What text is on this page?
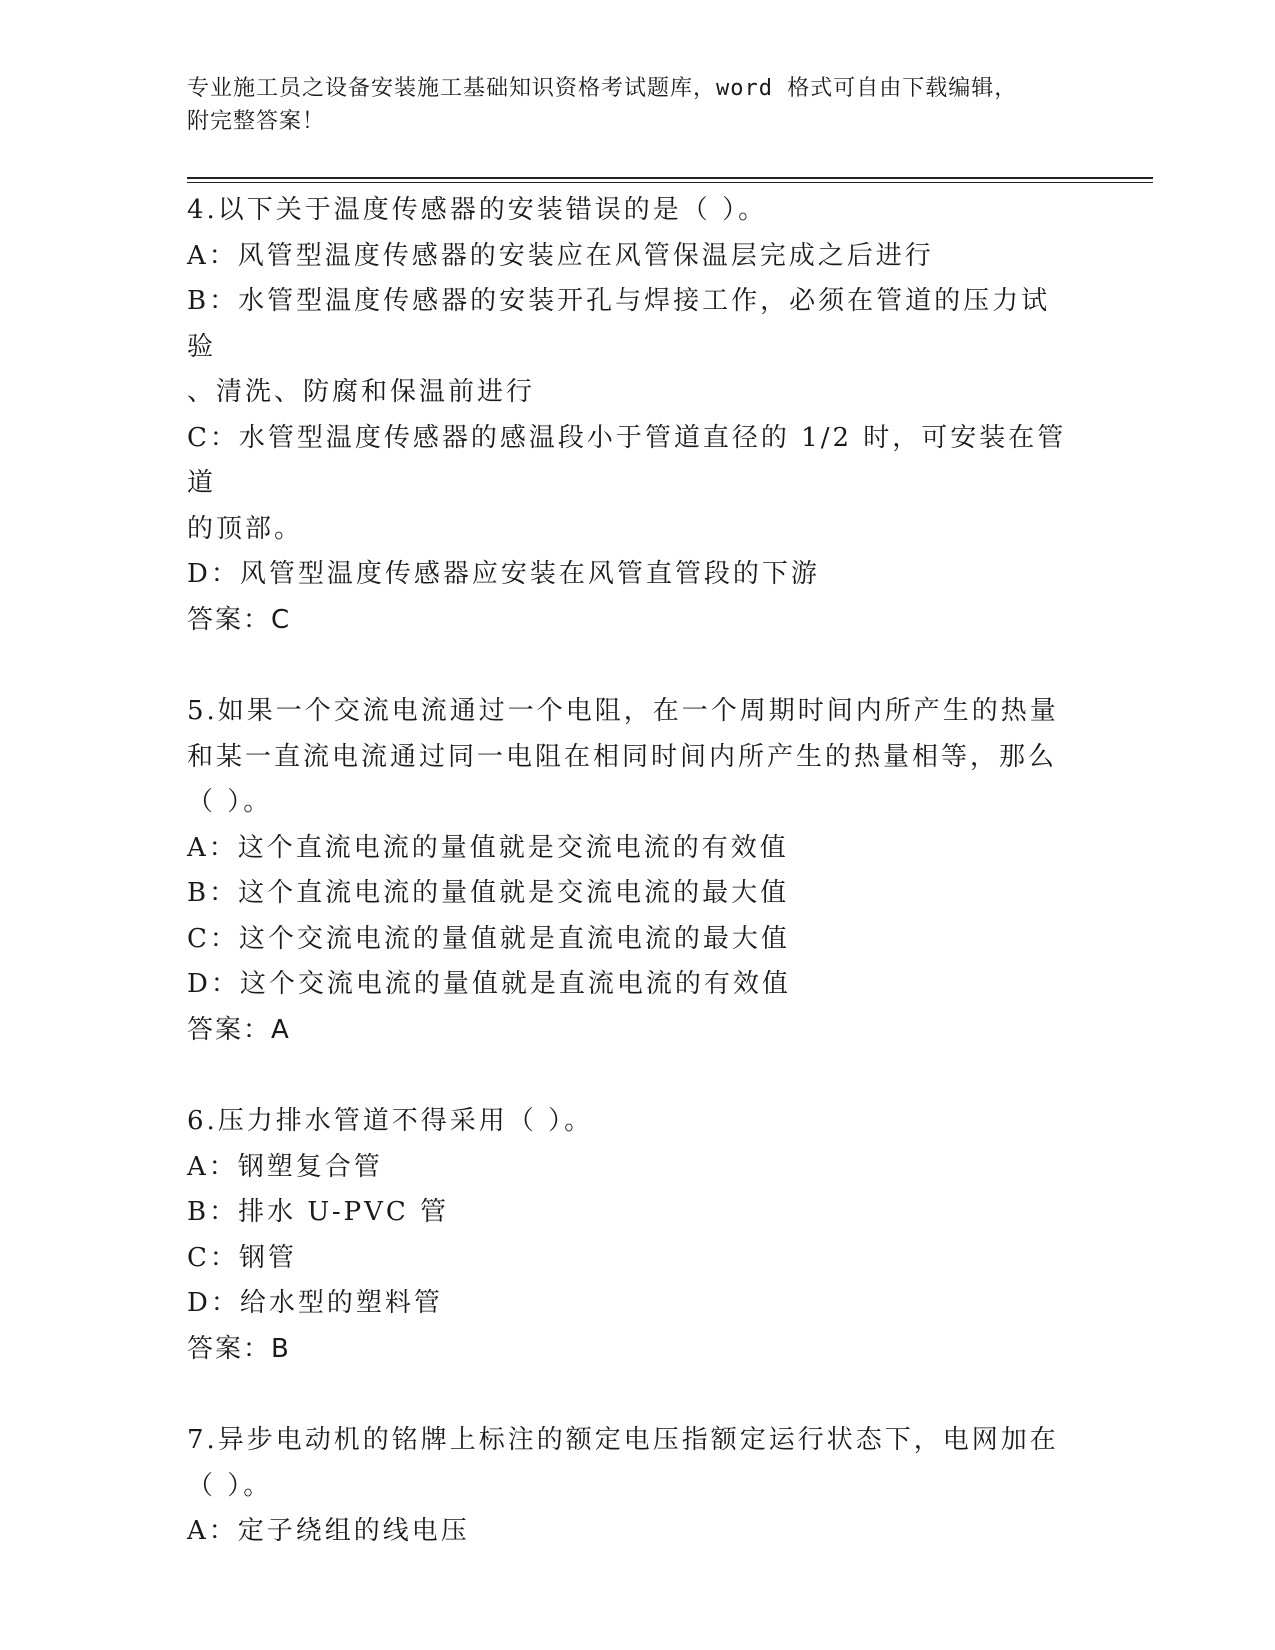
专业施工员之设备安装施工基础知识资格考试题库，word 格式可自由下载编辑，
附完整答案！
4.以下关于温度传感器的安装错误的是（ ）。
A：风管型温度传感器的安装应在风管保温层完成之后进行
B：水管型温度传感器的安装开孔与焊接工作，必须在管道的压力试验
、清洗、防腐和保温前进行
C：水管型温度传感器的感温段小于管道直径的 1/2 时，可安装在管道
的顶部。
D：风管型温度传感器应安装在风管直管段的下游
答案：C
5.如果一个交流电流通过一个电阻，在一个周期时间内所产生的热量
和某一直流电流通过同一电阻在相同时间内所产生的热量相等，那么
（ ）。
A：这个直流电流的量值就是交流电流的有效值
B：这个直流电流的量值就是交流电流的最大值
C：这个交流电流的量值就是直流电流的最大值
D：这个交流电流的量值就是直流电流的有效值
答案：A
6.压力排水管道不得采用（ ）。
A：钢塑复合管
B：排水 U-PVC 管
C：钢管
D：给水型的塑料管
答案：B
7.异步电动机的铭牌上标注的额定电压指额定运行状态下，电网加在
（ ）。
A：定子绕组的线电压
